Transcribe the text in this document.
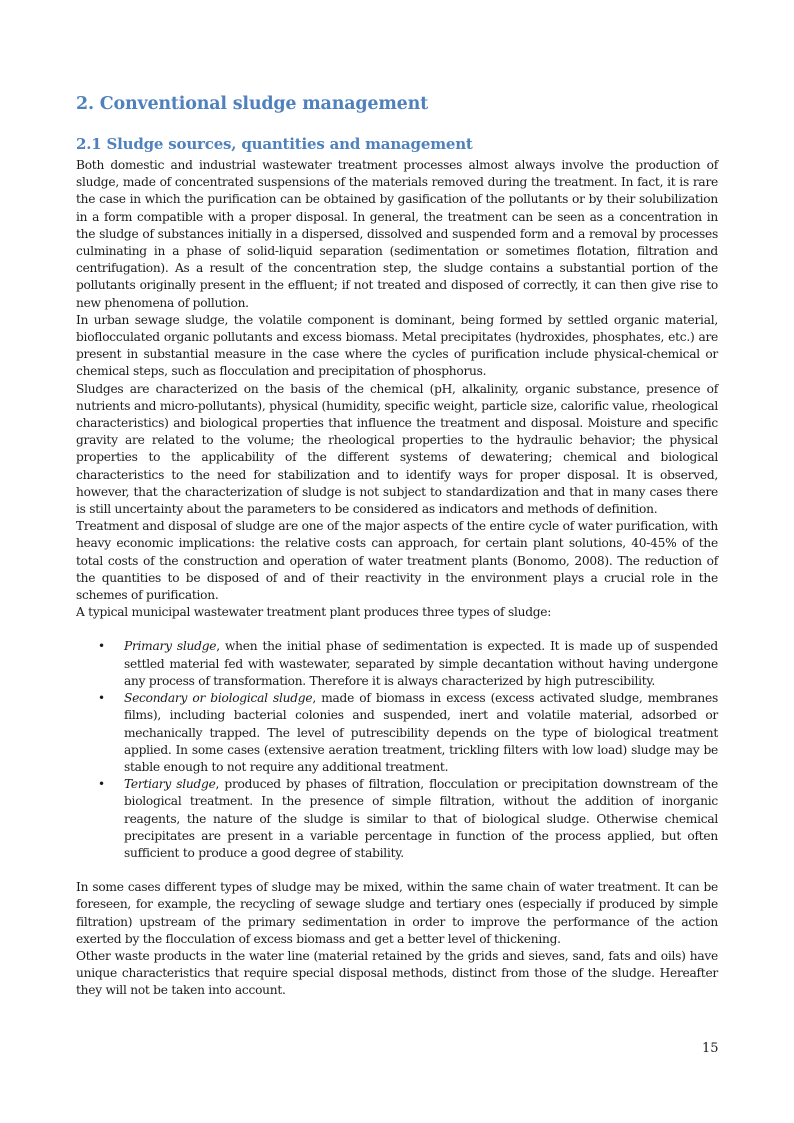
2. Conventional sludge management
2.1 Sludge sources, quantities and management

Both domestic and industrial wastewater treatment processes almost always involve the production of sludge, made of concentrated suspensions of the materials removed during the treatment. In fact, it is rare the case in which the purification can be obtained by gasification of the pollutants or by their solubilization in a form compatible with a proper disposal. In general, the treatment can be seen as a concentration in the sludge of substances initially in a dispersed, dissolved and suspended form and a removal by processes culminating in a phase of solid-liquid separation (sedimentation or sometimes flotation, filtration and centrifugation). As a result of the concentration step, the sludge contains a substantial portion of the pollutants originally present in the effluent; if not treated and disposed of correctly, it can then give rise to new phenomena of pollution.

In urban sewage sludge, the volatile component is dominant, being formed by settled organic material, bioflocculated organic pollutants and excess biomass. Metal precipitates (hydroxides, phosphates, etc.) are present in substantial measure in the case where the cycles of purification include physical-chemical or chemical steps, such as flocculation and precipitation of phosphorus.

Sludges are characterized on the basis of the chemical (pH, alkalinity, organic substance, presence of nutrients and micro-pollutants), physical (humidity, specific weight, particle size, calorific value, rheological characteristics) and biological properties that influence the treatment and disposal. Moisture and specific gravity are related to the volume; the rheological properties to the hydraulic behavior; the physical properties to the applicability of the different systems of dewatering; chemical and biological characteristics to the need for stabilization and to identify ways for proper disposal. It is observed, however, that the characterization of sludge is not subject to standardization and that in many cases there is still uncertainty about the parameters to be considered as indicators and methods of definition.

Treatment and disposal of sludge are one of the major aspects of the entire cycle of water purification, with heavy economic implications: the relative costs can approach, for certain plant solutions, 40-45% of the total costs of the construction and operation of water treatment plants (Bonomo, 2008). The reduction of the quantities to be disposed of and of their reactivity in the environment plays a crucial role in the schemes of purification.

A typical municipal wastewater treatment plant produces three types of sludge:

• Primary sludge, when the initial phase of sedimentation is expected. It is made up of suspended settled material fed with wastewater, separated by simple decantation without having undergone any process of transformation. Therefore it is always characterized by high putrescibility.
• Secondary or biological sludge, made of biomass in excess (excess activated sludge, membranes films), including bacterial colonies and suspended, inert and volatile material, adsorbed or mechanically trapped. The level of putrescibility depends on the type of biological treatment applied. In some cases (extensive aeration treatment, trickling filters with low load) sludge may be stable enough to not require any additional treatment.
• Tertiary sludge, produced by phases of filtration, flocculation or precipitation downstream of the biological treatment. In the presence of simple filtration, without the addition of inorganic reagents, the nature of the sludge is similar to that of biological sludge. Otherwise chemical precipitates are present in a variable percentage in function of the process applied, but often sufficient to produce a good degree of stability.

In some cases different types of sludge may be mixed, within the same chain of water treatment. It can be foreseen, for example, the recycling of sewage sludge and tertiary ones (especially if produced by simple filtration) upstream of the primary sedimentation in order to improve the performance of the action exerted by the flocculation of excess biomass and get a better level of thickening.

Other waste products in the water line (material retained by the grids and sieves, sand, fats and oils) have unique characteristics that require special disposal methods, distinct from those of the sludge. Hereafter they will not be taken into account.

15
